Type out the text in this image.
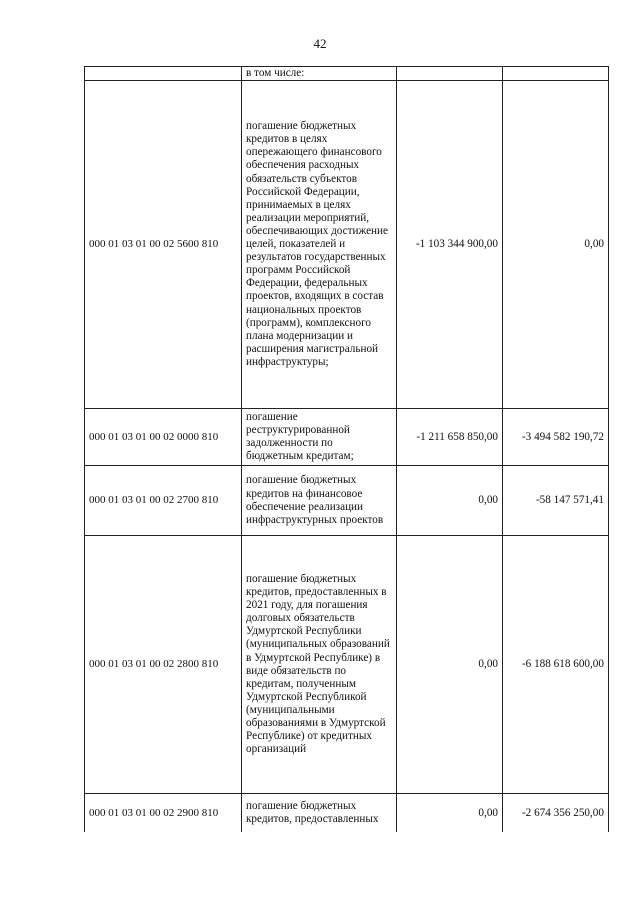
42
	в том числе:		
000 01 03 01 00 02 5600 810	погашение бюджетных кредитов в целях опережающего финансового обеспечения расходных обязательств субъектов Российской Федерации, принимаемых в целях реализации мероприятий, обеспечивающих достижение целей, показателей и результатов государственных программ Российской Федерации, федеральных проектов, входящих в состав национальных проектов (программ), комплексного плана модернизации и расширения магистральной инфраструктуры;	-1 103 344 900,00	0,00
000 01 03 01 00 02 0000 810	погашение реструктурированной задолженности по бюджетным кредитам;	-1 211 658 850,00	-3 494 582 190,72
000 01 03 01 00 02 2700 810	погашение бюджетных кредитов на финансовое обеспечение реализации инфраструктурных проектов	0,00	-58 147 571,41
000 01 03 01 00 02 2800 810	погашение бюджетных кредитов, предоставленных в 2021 году, для погашения долговых обязательств Удмуртской Республики (муниципальных образований в Удмуртской Республике) в виде обязательств по кредитам, полученным Удмуртской Республикой (муниципальными образованиями в Удмуртской Республике) от кредитных организаций	0,00	-6 188 618 600,00
000 01 03 01 00 02 2900 810	погашение бюджетных кредитов, предоставленных	0,00	-2 674 356 250,00
